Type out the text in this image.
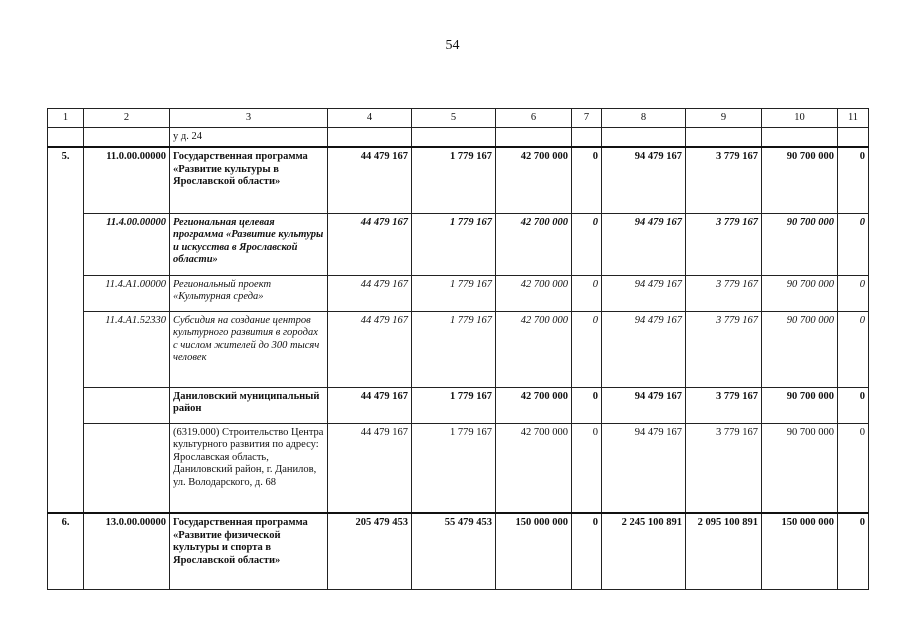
54
1	2	3	4	5	6	7	8	9	10	11
		у д. 24								
5.	11.0.00.00000	Государственная программа «Развитие культуры в Ярославской области»	44 479 167	1 779 167	42 700 000	0	94 479 167	3 779 167	90 700 000	0
	11.4.00.00000	Региональная целевая программа «Развитие культуры и искусства в Ярославской области»	44 479 167	1 779 167	42 700 000	0	94 479 167	3 779 167	90 700 000	0
	11.4.А1.00000	Региональный проект «Культурная среда»	44 479 167	1 779 167	42 700 000	0	94 479 167	3 779 167	90 700 000	0
	11.4.А1.52330	Субсидия на создание центров культурного развития в городах с числом жителей до 300 тысяч человек	44 479 167	1 779 167	42 700 000	0	94 479 167	3 779 167	90 700 000	0
		Даниловский муниципальный район	44 479 167	1 779 167	42 700 000	0	94 479 167	3 779 167	90 700 000	0
		(6319.000) Строительство Центра культурного развития по адресу: Ярославская область, Даниловский район, г. Данилов, ул. Володарского, д. 68	44 479 167	1 779 167	42 700 000	0	94 479 167	3 779 167	90 700 000	0
6.	13.0.00.00000	Государственная программа «Развитие физической культуры и спорта в Ярославской области»	205 479 453	55 479 453	150 000 000	0	2 245 100 891	2 095 100 891	150 000 000	0
